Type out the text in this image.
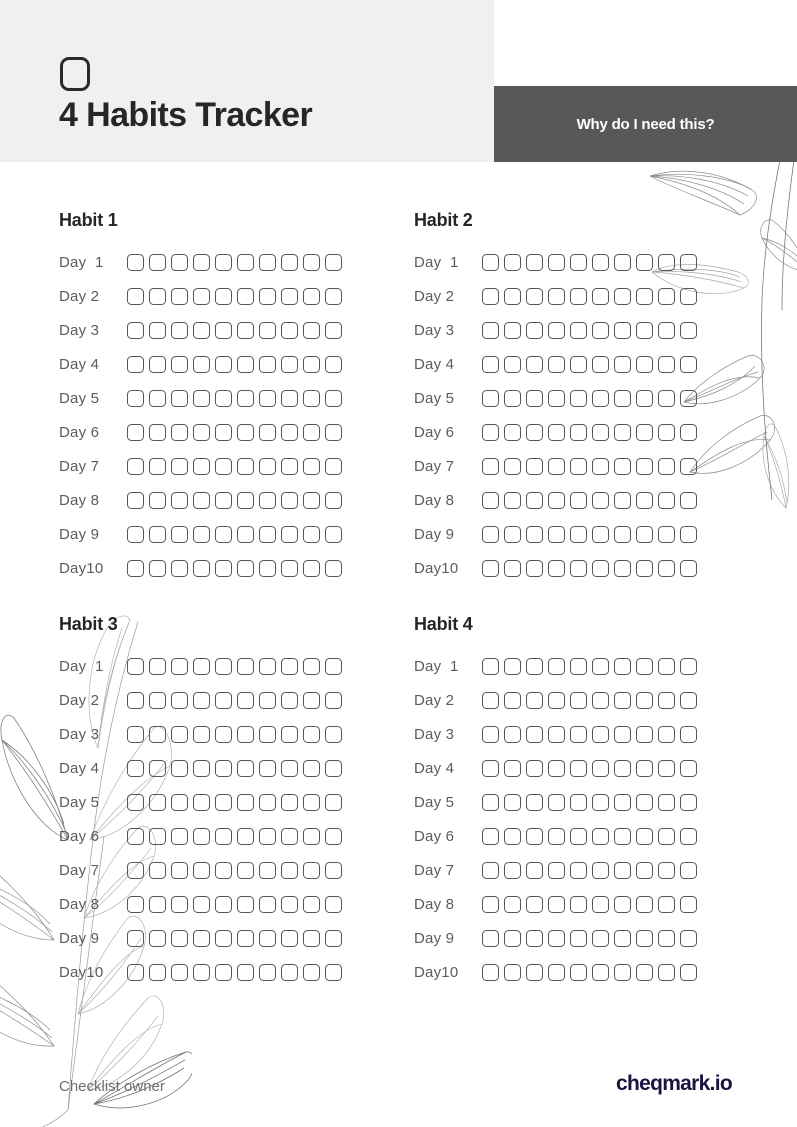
4 Habits Tracker	Why do I need this?
Habit 1
Day  1
Day 2
Day 3
Day 4
Day 5
Day 6
Day 7
Day 8
Day 9
Day10
Habit 2
Day  1
Day 2
Day 3
Day 4
Day 5
Day 6
Day 7
Day 8
Day 9
Day10
Habit 3
Day  1
Day 2
Day 3
Day 4
Day 5
Day 6
Day 7
Day 8
Day 9
Day10
Habit 4
Day  1
Day 2
Day 3
Day 4
Day 5
Day 6
Day 7
Day 8
Day 9
Day10
Checklist owner	cheqmark.io
